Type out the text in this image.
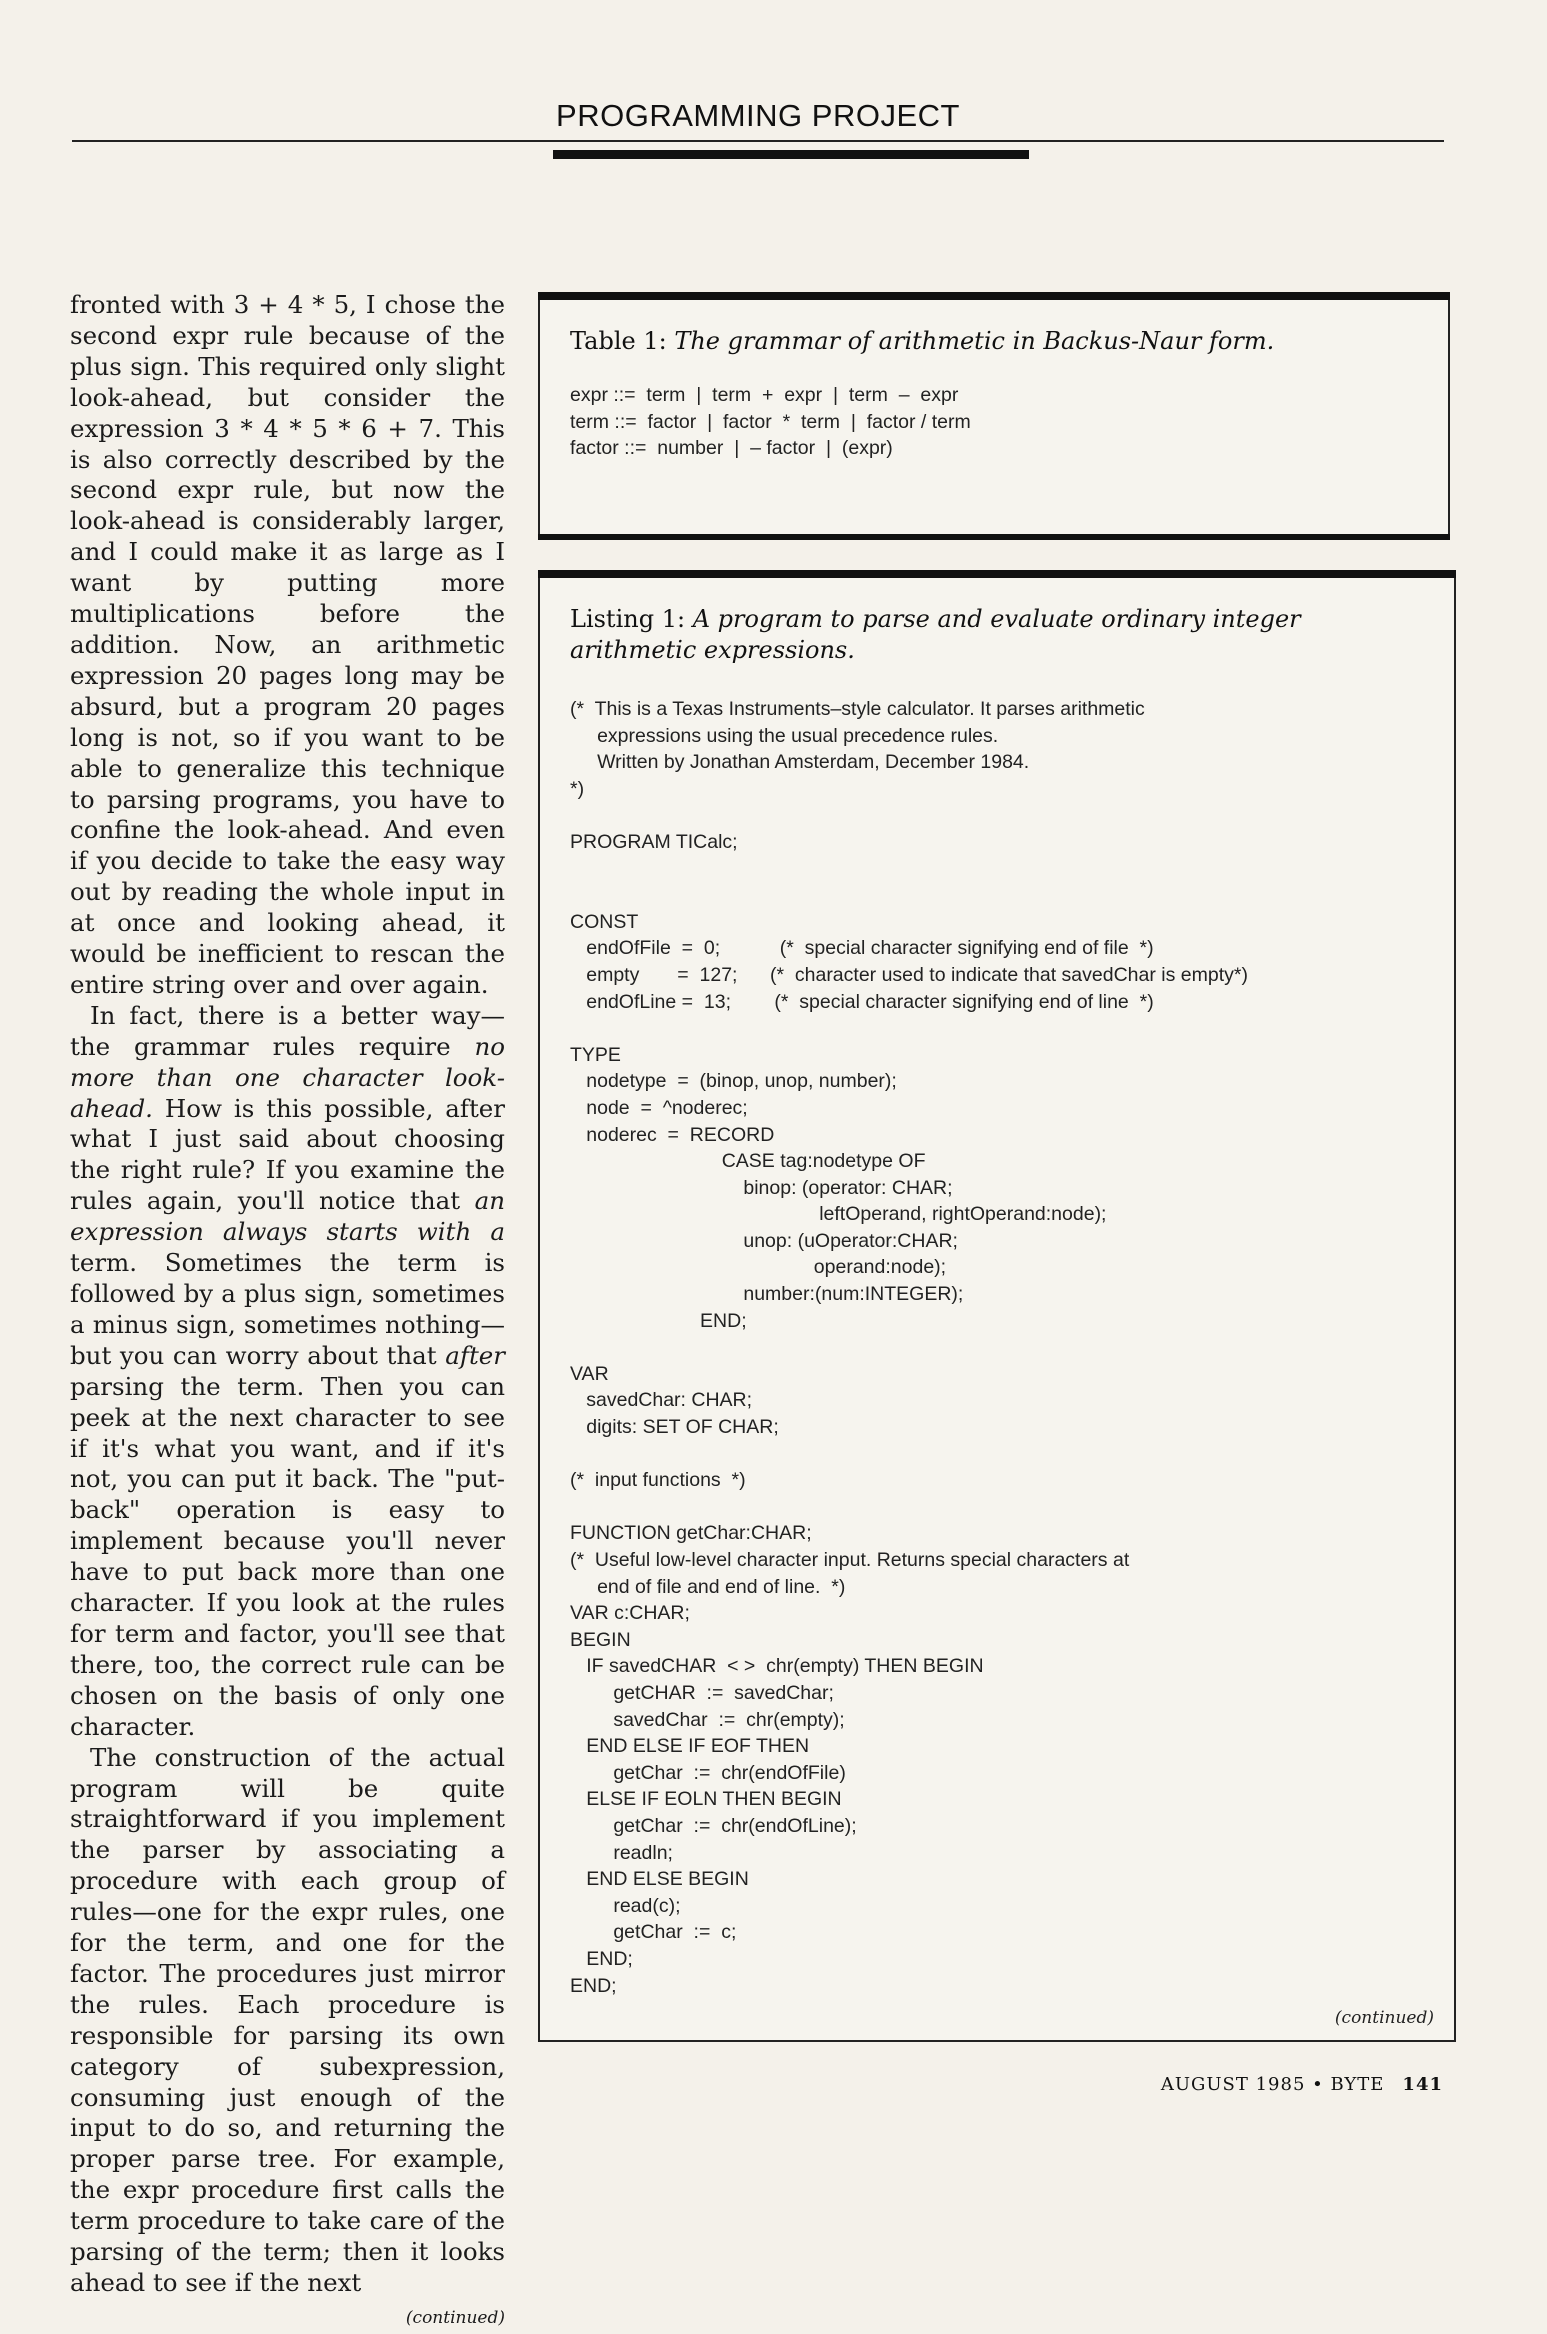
PROGRAMMING PROJECT

fronted with 3 + 4 * 5, I chose the second expr rule because of the plus sign. This required only slight look-ahead, but consider the expression 3 * 4 * 5 * 6 + 7. This is also correctly described by the second expr rule, but now the look-ahead is considerably larger, and I could make it as large as I want by putting more multiplications before the addition. Now, an arithmetic expression 20 pages long may be absurd, but a program 20 pages long is not, so if you want to be able to generalize this technique to parsing programs, you have to confine the look-ahead. And even if you decide to take the easy way out by reading the whole input in at once and looking ahead, it would be inefficient to rescan the entire string over and over again.

In fact, there is a better way—the grammar rules require no more than one character look-ahead. How is this possible, after what I just said about choosing the right rule? If you examine the rules again, you'll notice that an expression always starts with a term. Sometimes the term is followed by a plus sign, sometimes a minus sign, sometimes nothing—but you can worry about that after parsing the term. Then you can peek at the next character to see if it's what you want, and if it's not, you can put it back. The "put-back" operation is easy to implement because you'll never have to put back more than one character. If you look at the rules for term and factor, you'll see that there, too, the correct rule can be chosen on the basis of only one character.

The construction of the actual program will be quite straightforward if you implement the parser by associating a procedure with each group of rules—one for the expr rules, one for the term, and one for the factor. The procedures just mirror the rules. Each procedure is responsible for parsing its own category of subexpression, consuming just enough of the input to do so, and returning the proper parse tree. For example, the expr procedure first calls the term procedure to take care of the parsing of the term; then it looks ahead to see if the next

(continued)
Table 1: The grammar of arithmetic in Backus-Naur form.
expr ::=  term  |  term  +  expr  |  term  –  expr
term ::=  factor  |  factor  *  term  |  factor / term
factor ::=  number  |  – factor  |  (expr)
Listing 1: A program to parse and evaluate ordinary integer arithmetic expressions.
(*  This is a Texas Instruments–style calculator. It parses arithmetic
expressions using the usual precedence rules.
Written by Jonathan Amsterdam, December 1984.
*)
PROGRAM TICalc;
CONST
endOfFile  =  0;           (*  special character signifying end of file  *)
empty       =  127;      (*  character used to indicate that savedChar is empty*)
endOfLine =  13;        (*  special character signifying end of line  *)
TYPE
nodetype  =  (binop, unop, number);
node  =  ^noderec;
noderec  =  RECORD
CASE tag:nodetype OF
binop: (operator: CHAR;
leftOperand, rightOperand:node);
unop: (uOperator:CHAR;
operand:node);
number:(num:INTEGER);
END;
VAR
savedChar: CHAR;
digits: SET OF CHAR;
(*  input functions  *)
FUNCTION getChar:CHAR;
(*  Useful low-level character input. Returns special characters at
end of file and end of line.  *)
VAR c:CHAR;
BEGIN
IF savedCHAR  < >  chr(empty) THEN BEGIN
getCHAR  :=  savedChar;
savedChar  :=  chr(empty);
END ELSE IF EOF THEN
getChar  :=  chr(endOfFile)
ELSE IF EOLN THEN BEGIN
getChar  :=  chr(endOfLine);
readln;
END ELSE BEGIN
read(c);
getChar  :=  c;
END;
END;
(continued)
AUGUST 1985 • BYTE 141
